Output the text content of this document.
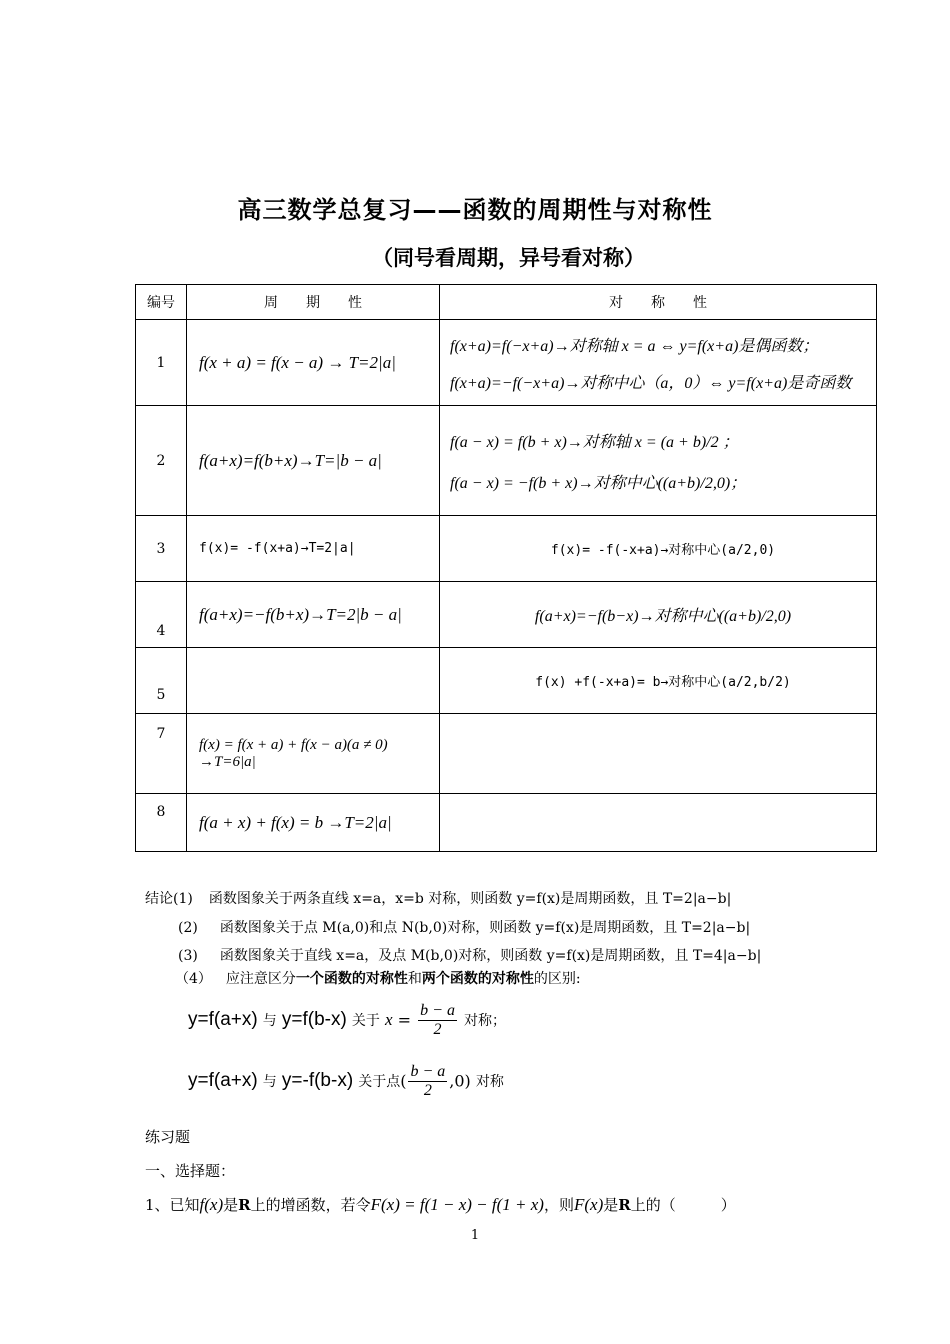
高三数学总复习——函数的周期性与对称性
（同号看周期，异号看对称）
编号	周　　期　　性	对　　称　　性
1	f(x + a) = f(x − a) → T=2|a|	f(x+a)=f(−x+a)→对称轴 x = a ⇔ y=f(x+a)是偶函数；
f(x+a)=−f(−x+a)→对称中心（a，0）⇔ y=f(x+a)是奇函数

2	f(a+x)=f(b+x)→T=|b − a|	f(a − x) = f(b + x)→对称轴 x = (a + b)/2 ；
f(a − x) = −f(b + x)→对称中心((a+b)/2,0)；

3	f(x)= -f(x+a)→T=2|a|	f(x)= -f(-x+a)→对称中心(a/2,0)
4	f(a+x)=−f(b+x)→T=2|b − a|	f(a+x)=−f(b−x)→对称中心((a+b)/2,0)
5		f(x) +f(-x+a)= b→对称中心(a/2,b/2)
7	f(x) = f(x + a) + f(x − a)(a ≠ 0) →T=6|a|	
8	f(a + x) + f(x) = b →T=2|a|	
结论(1) 函数图象关于两条直线 x=a，x=b 对称，则函数 y=f(x)是周期函数，且 T=2|a−b|
(2) 函数图象关于点 M(a,0)和点 N(b,0)对称，则函数 y=f(x)是周期函数，且 T=2|a−b|
(3) 函数图象关于直线 x=a，及点 M(b,0)对称，则函数 y=f(x)是周期函数，且 T=4|a−b|
（4） 应注意区分一个函数的对称性和两个函数的对称性的区别:
y=f(a+x) 与 y=f(b-x) 关于 $x = \frac{b - a}{2}$ 对称；
y=f(a+x) 与 y=-f(b-x) 关于点( $\frac{b - a}{2} ,0$) 对称
练习题
一、选择题：
1、已知f(x)是R上的增函数，若令F(x) = f(1 − x) − f(1 + x)，则F(x)是R上的（　　　）
1
